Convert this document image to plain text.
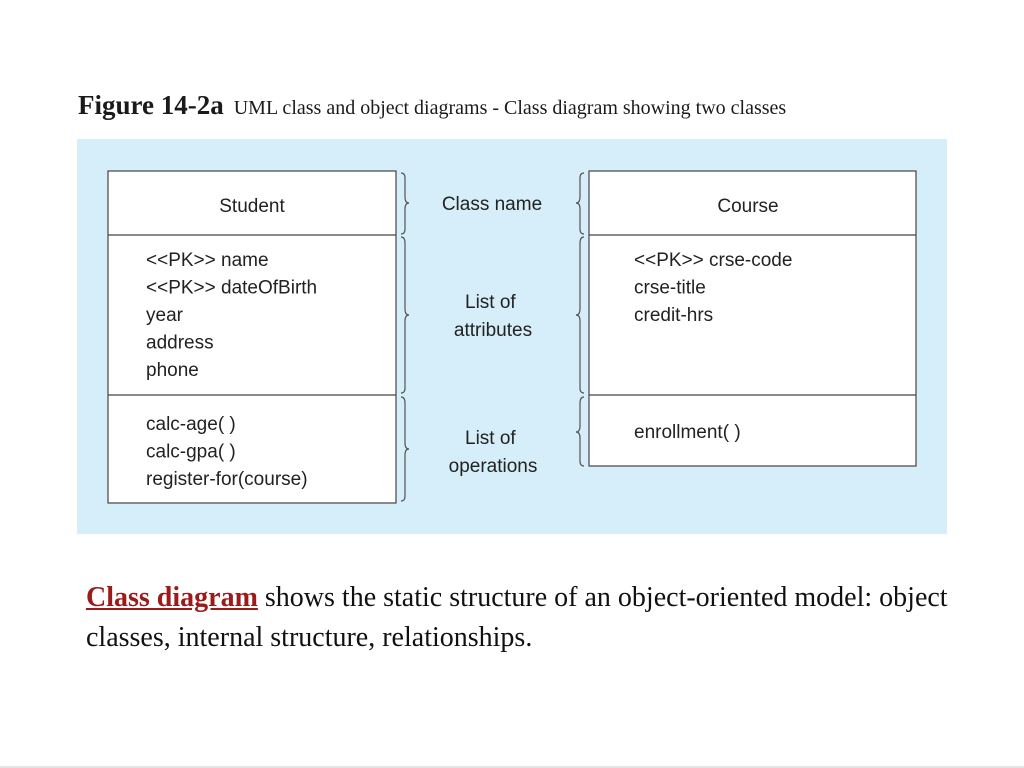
Figure 14-2a UML class and object diagrams - Class diagram showing two classes
Student
<<PK>> name
<<PK>> dateOfBirth
year
address
phone
calc-age( )
calc-gpa( )
register-for(course)
Course
<<PK>> crse-code
crse-title
credit-hrs
enrollment( )
Class name
List of attributes
List of operations
Class diagram shows the static structure of an object-oriented model: object classes, internal structure, relationships.
